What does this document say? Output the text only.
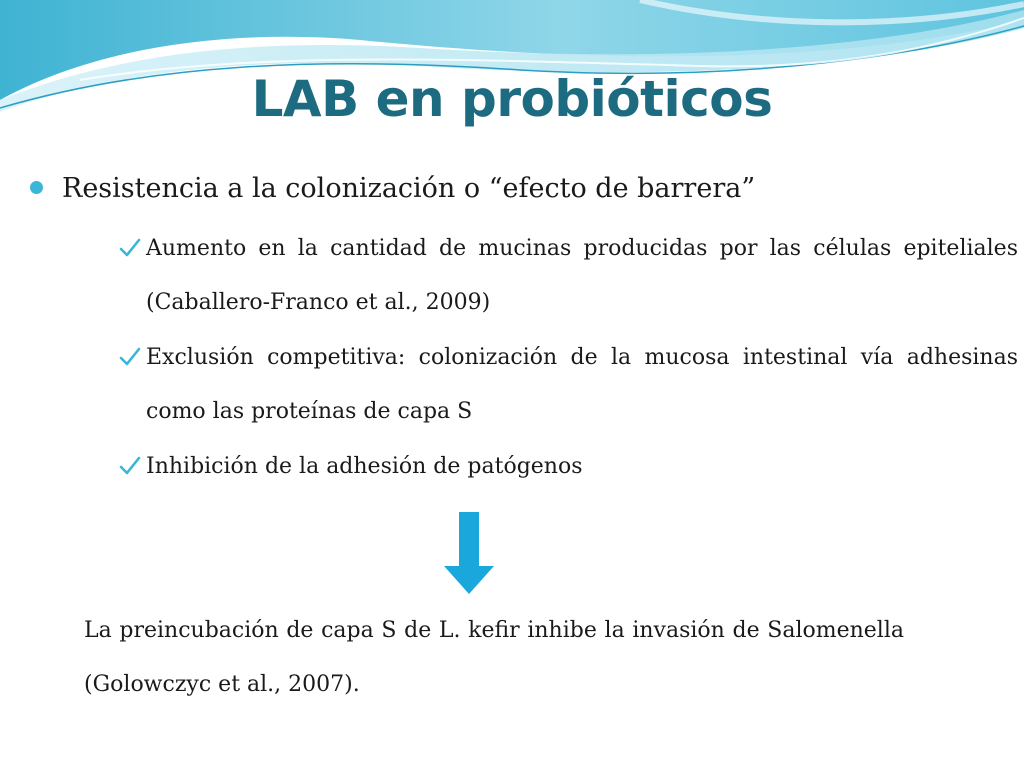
LAB en probióticos

Resistencia a la colonización o “efecto de barrera”

Aumento en la cantidad de mucinas producidas por las células epiteliales (Caballero-Franco et al., 2009)

Exclusión competitiva: colonización de la mucosa intestinal vía adhesinas como las proteínas de capa S

Inhibición de la adhesión de patógenos

La preincubación de capa S de L. kefir inhibe la invasión de Salomenella (Golowczyc et al., 2007).
